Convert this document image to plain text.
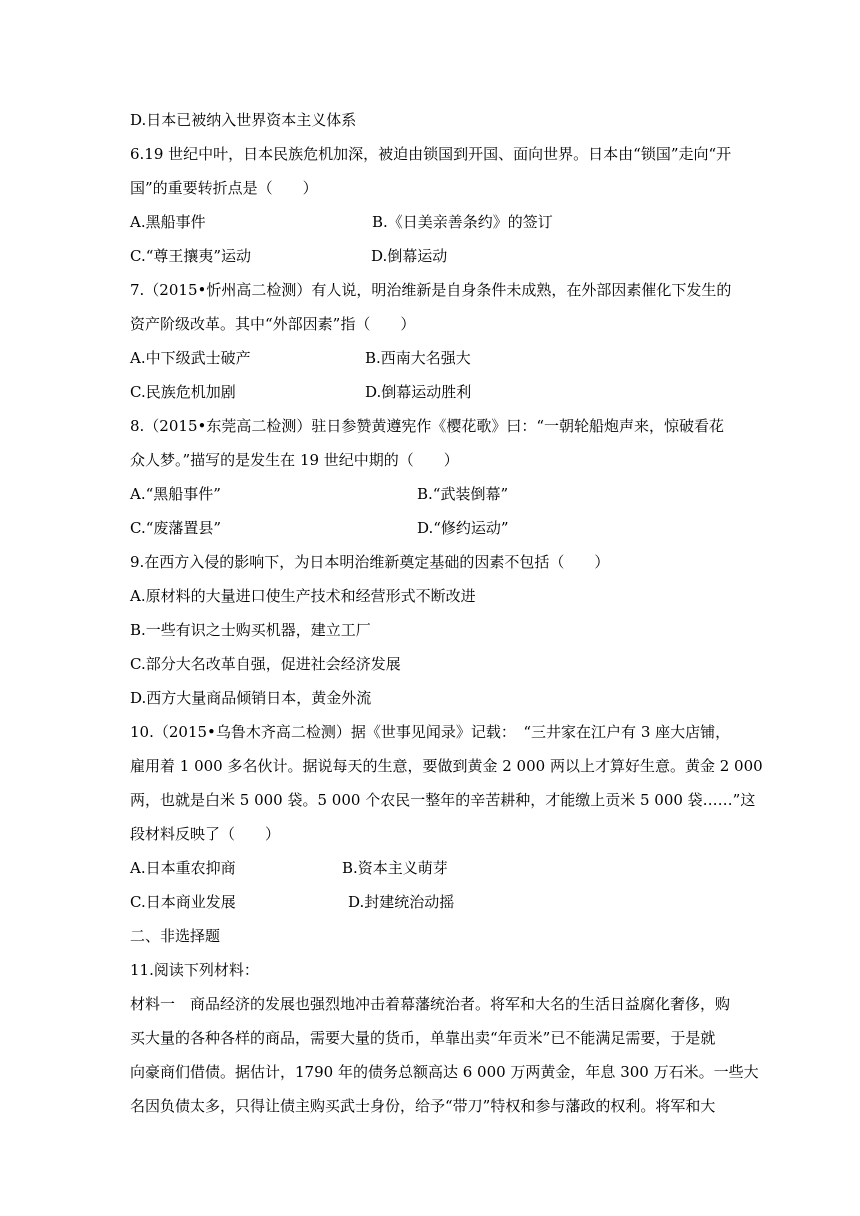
D.日本已被纳入世界资本主义体系
6.19 世纪中叶，日本民族危机加深，被迫由锁国到开国、面向世界。日本由“锁国”走向“开
国”的重要转折点是（　　）
A.黑船事件	B.《日美亲善条约》的签订
C.“尊王攘夷”运动	D.倒幕运动
7.（2015•忻州高二检测）有人说，明治维新是自身条件未成熟，在外部因素催化下发生的
资产阶级改革。其中“外部因素”指（　　）
A.中下级武士破产	B.西南大名强大
C.民族危机加剧	D.倒幕运动胜利
8.（2015•东莞高二检测）驻日参赞黄遵宪作《樱花歌》曰：“一朝轮船炮声来，惊破看花
众人梦。”描写的是发生在 19 世纪中期的（　　）
A.“黑船事件”	B.“武装倒幕”
C.“废藩置县”	D.“修约运动”
9.在西方入侵的影响下，为日本明治维新奠定基础的因素不包括（　　）
A.原材料的大量进口使生产技术和经营形式不断改进
B.一些有识之士购买机器，建立工厂
C.部分大名改革自强，促进社会经济发展
D.西方大量商品倾销日本，黄金外流
10.（2015•乌鲁木齐高二检测）据《世事见闻录》记载：　“三井家在江户有 3 座大店铺，
雇用着 1 000 多名伙计。据说每天的生意，要做到黄金 2 000 两以上才算好生意。黄金 2 000
两，也就是白米 5 000 袋。5 000 个农民一整年的辛苦耕种，才能缴上贡米 5 000 袋……”这
段材料反映了（　　）
A.日本重农抑商	B.资本主义萌芽
C.日本商业发展	D.封建统治动摇
二、非选择题
11.阅读下列材料：
材料一　商品经济的发展也强烈地冲击着幕藩统治者。将军和大名的生活日益腐化奢侈，购
买大量的各种各样的商品，需要大量的货币，单靠出卖“年贡米”已不能满足需要，于是就
向豪商们借债。据估计，1790 年的债务总额高达 6 000 万两黄金，年息 300 万石米。一些大
名因负债太多，只得让债主购买武士身份，给予“带刀”特权和参与藩政的权利。将军和大
